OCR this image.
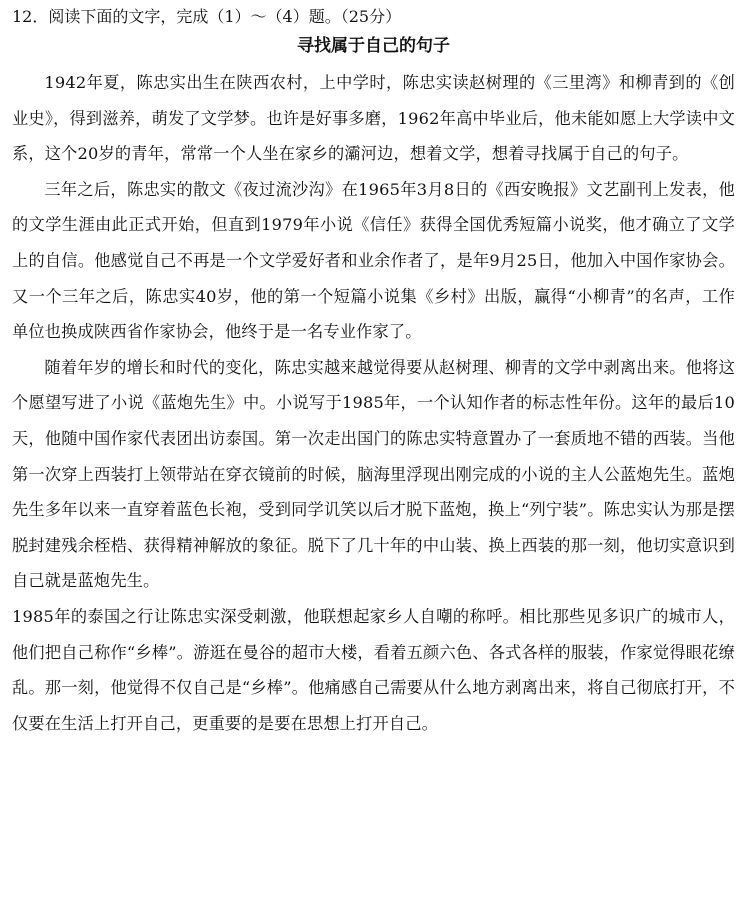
12．阅读下面的文字，完成（1）～（4）题。（25分）
寻找属于自己的句子

1942年夏，陈忠实出生在陕西农村，上中学时，陈忠实读赵树理的《三里湾》和柳青到的《创业史》，得到滋养，萌发了文学梦。也许是好事多磨，1962年高中毕业后，他未能如愿上大学读中文系，这个20岁的青年，常常一个人坐在家乡的灞河边，想着文学，想着寻找属于自己的句子。

三年之后，陈忠实的散文《夜过流沙沟》在1965年3月8日的《西安晚报》文艺副刊上发表，他的文学生涯由此正式开始，但直到1979年小说《信任》获得全国优秀短篇小说奖，他才确立了文学上的自信。他感觉自己不再是一个文学爱好者和业余作者了，是年9月25日，他加入中国作家协会。又一个三年之后，陈忠实40岁，他的第一个短篇小说集《乡村》出版，赢得“小柳青”的名声，工作单位也换成陕西省作家协会，他终于是一名专业作家了。

随着年岁的增长和时代的变化，陈忠实越来越觉得要从赵树理、柳青的文学中剥离出来。他将这个愿望写进了小说《蓝炮先生》中。小说写于1985年，一个认知作者的标志性年份。这年的最后10天，他随中国作家代表团出访泰国。第一次走出国门的陈忠实特意置办了一套质地不错的西装。当他第一次穿上西装打上领带站在穿衣镜前的时候，脑海里浮现出刚完成的小说的主人公蓝炮先生。蓝炮先生多年以来一直穿着蓝色长袍，受到同学讥笑以后才脱下蓝炮，换上“列宁装”。陈忠实认为那是摆脱封建残余桎梏、获得精神解放的象征。脱下了几十年的中山装、换上西装的那一刻，他切实意识到自己就是蓝炮先生。

1985年的泰国之行让陈忠实深受刺激，他联想起家乡人自嘲的称呼。相比那些见多识广的城市人，他们把自己称作“乡棒”。游逛在曼谷的超市大楼，看着五颜六色、各式各样的服装，作家觉得眼花缭乱。那一刻，他觉得不仅自己是“乡棒”。他痛感自己需要从什么地方剥离出来，将自己彻底打开，不仅要在生活上打开自己，更重要的是要在思想上打开自己。
